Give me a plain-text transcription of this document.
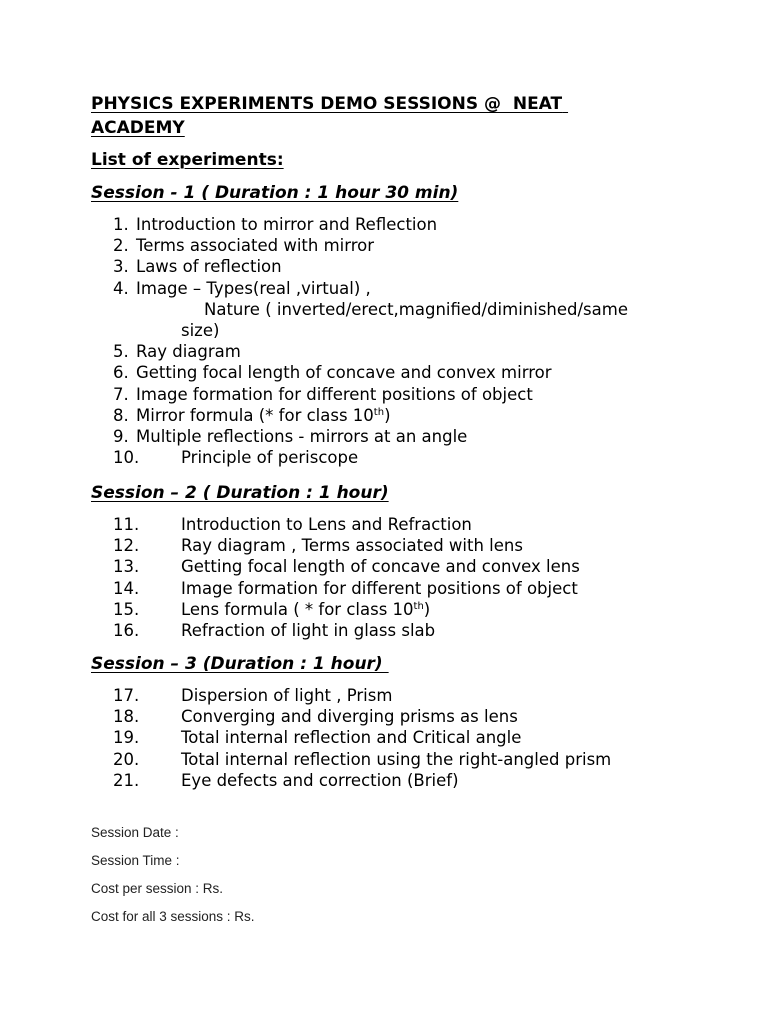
PHYSICS EXPERIMENTS DEMO SESSIONS @  NEAT ACADEMY
List of experiments:
Session - 1 ( Duration : 1 hour 30 min)
1. Introduction to mirror and Reflection
2. Terms associated with mirror
3. Laws of reflection
4. Image – Types(real ,virtual) ,
Nature ( inverted/erect,magnified/diminished/same
size)
5. Ray diagram
6. Getting focal length of concave and convex mirror
7. Image formation for different positions of object
8. Mirror formula (* for class 10th)
9. Multiple reflections - mirrors at an angle
10.	Principle of periscope
Session – 2 ( Duration : 1 hour)
11.	Introduction to Lens and Refraction
12.	Ray diagram , Terms associated with lens
13.	Getting focal length of concave and convex lens
14.	Image formation for different positions of object
15.	Lens formula ( * for class 10th)
16.	Refraction of light in glass slab
Session – 3 (Duration : 1 hour)
17.	Dispersion of light , Prism
18.	Converging and diverging prisms as lens
19.	Total internal reflection and Critical angle
20.	Total internal reflection using the right-angled prism
21.	Eye defects and correction (Brief)

Session Date :

Session Time :

Cost per session : Rs.

Cost for all 3 sessions : Rs.
